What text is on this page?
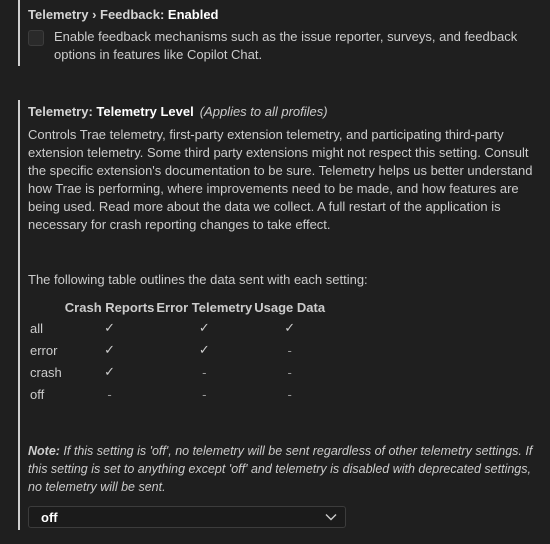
Telemetry › Feedback: Enabled
Enable feedback mechanisms such as the issue reporter, surveys, and feedback options in features like Copilot Chat.
Telemetry: Telemetry Level (Applies to all profiles)
Controls Trae telemetry, first-party extension telemetry, and participating third-party extension telemetry. Some third party extensions might not respect this setting. Consult the specific extension's documentation to be sure. Telemetry helps us better understand how Trae is performing, where improvements need to be made, and how features are being used. Read more about the data we collect. A full restart of the application is necessary for crash reporting changes to take effect.
The following table outlines the data sent with each setting:
	Crash Reports	Error Telemetry	Usage Data
all	✓	✓	✓
error	✓	✓	-
crash	✓	-	-
off	-	-	-
Note: If this setting is 'off', no telemetry will be sent regardless of other telemetry settings. If this setting is set to anything except 'off' and telemetry is disabled with deprecated settings, no telemetry will be sent.
off
